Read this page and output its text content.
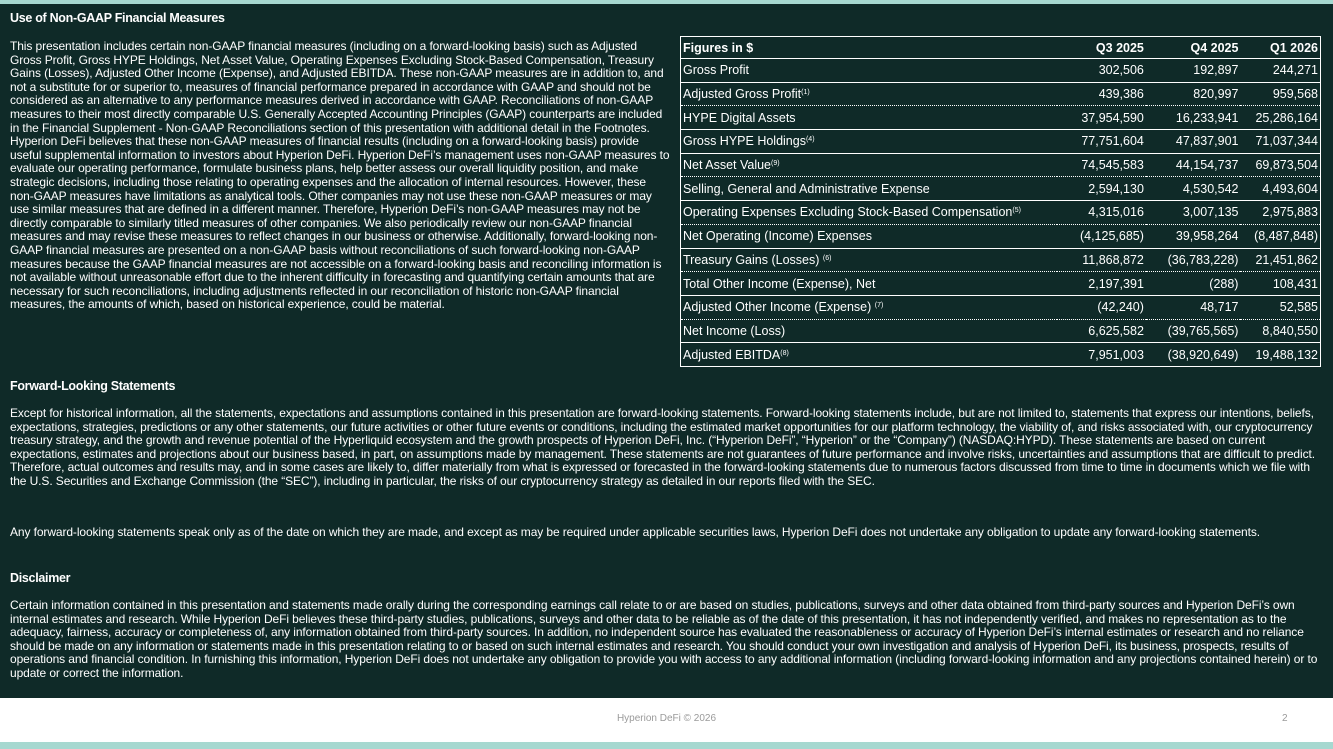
Use of Non-GAAP Financial Measures

This presentation includes certain non-GAAP financial measures (including on a forward-looking basis) such as Adjusted Gross Profit, Gross HYPE Holdings, Net Asset Value, Operating Expenses Excluding Stock-Based Compensation, Treasury Gains (Losses), Adjusted Other Income (Expense), and Adjusted EBITDA. These non-GAAP measures are in addition to, and not a substitute for or superior to, measures of financial performance prepared in accordance with GAAP and should not be considered as an alternative to any performance measures derived in accordance with GAAP. Reconciliations of non-GAAP measures to their most directly comparable U.S. Generally Accepted Accounting Principles (GAAP) counterparts are included in the Financial Supplement - Non-GAAP Reconciliations section of this presentation with additional detail in the Footnotes. Hyperion DeFi believes that these non-GAAP measures of financial results (including on a forward-looking basis) provide useful supplemental information to investors about Hyperion DeFi. Hyperion DeFi’s management uses non-GAAP measures to evaluate our operating performance, formulate business plans, help better assess our overall liquidity position, and make strategic decisions, including those relating to operating expenses and the allocation of internal resources. However, these non-GAAP measures have limitations as analytical tools. Other companies may not use these non-GAAP measures or may use similar measures that are defined in a different manner. Therefore, Hyperion DeFi’s non-GAAP measures may not be directly comparable to similarly titled measures of other companies. We also periodically review our non-GAAP financial measures and may revise these measures to reflect changes in our business or otherwise. Additionally, forward-looking non-GAAP financial measures are presented on a non-GAAP basis without reconciliations of such forward-looking non-GAAP measures because the GAAP financial measures are not accessible on a forward-looking basis and reconciling information is not available without unreasonable effort due to the inherent difficulty in forecasting and quantifying certain amounts that are necessary for such reconciliations, including adjustments reflected in our reconciliation of historic non-GAAP financial measures, the amounts of which, based on historical experience, could be material.

Figures in $	Q3 2025	Q4 2025	Q1 2026
Gross Profit	302,506	192,897	244,271
Adjusted Gross Profit$^{(1)}$	439,386	820,997	959,568
HYPE Digital Assets	37,954,590	16,233,941	25,286,164
Gross HYPE Holdings$^{(4)}$	77,751,604	47,837,901	71,037,344
Net Asset Value$^{(9)}$	74,545,583	44,154,737	69,873,504
Selling, General and Administrative Expense	2,594,130	4,530,542	4,493,604
Operating Expenses Excluding Stock-Based Compensation$^{(5)}$	4,315,016	3,007,135	2,975,883
Net Operating (Income) Expenses	(4,125,685)	39,958,264	(8,487,848)
Treasury Gains (Losses) $^{(6)}$	11,868,872	(36,783,228)	21,451,862
Total Other Income (Expense), Net	2,197,391	(288)	108,431
Adjusted Other Income (Expense) $^{(7)}$	(42,240)	48,717	52,585
Net Income (Loss)	6,625,582	(39,765,565)	8,840,550
Adjusted EBITDA$^{(8)}$	7,951,003	(38,920,649)	19,488,132
Forward-Looking Statements

Except for historical information, all the statements, expectations and assumptions contained in this presentation are forward-looking statements. Forward-looking statements include, but are not limited to, statements that express our intentions, beliefs, expectations, strategies, predictions or any other statements, our future activities or other future events or conditions, including the estimated market opportunities for our platform technology, the viability of, and risks associated with, our cryptocurrency treasury strategy, and the growth and revenue potential of the Hyperliquid ecosystem and the growth prospects of Hyperion DeFi, Inc. (“Hyperion DeFi”, “Hyperion” or the “Company”) (NASDAQ:HYPD). These statements are based on current expectations, estimates and projections about our business based, in part, on assumptions made by management. These statements are not guarantees of future performance and involve risks, uncertainties and assumptions that are difficult to predict. Therefore, actual outcomes and results may, and in some cases are likely to, differ materially from what is expressed or forecasted in the forward-looking statements due to numerous factors discussed from time to time in documents which we file with the U.S. Securities and Exchange Commission (the “SEC”), including in particular, the risks of our cryptocurrency strategy as detailed in our reports filed with the SEC.

Any forward-looking statements speak only as of the date on which they are made, and except as may be required under applicable securities laws, Hyperion DeFi does not undertake any obligation to update any forward-looking statements.

Disclaimer

Certain information contained in this presentation and statements made orally during the corresponding earnings call relate to or are based on studies, publications, surveys and other data obtained from third-party sources and Hyperion DeFi’s own internal estimates and research. While Hyperion DeFi believes these third-party studies, publications, surveys and other data to be reliable as of the date of this presentation, it has not independently verified, and makes no representation as to the adequacy, fairness, accuracy or completeness of, any information obtained from third-party sources. In addition, no independent source has evaluated the reasonableness or accuracy of Hyperion DeFi’s internal estimates or research and no reliance should be made on any information or statements made in this presentation relating to or based on such internal estimates and research. You should conduct your own investigation and analysis of Hyperion DeFi, its business, prospects, results of operations and financial condition. In furnishing this information, Hyperion DeFi does not undertake any obligation to provide you with access to any additional information (including forward-looking information and any projections contained herein) or to update or correct the information.

Hyperion DeFi © 2026	2
